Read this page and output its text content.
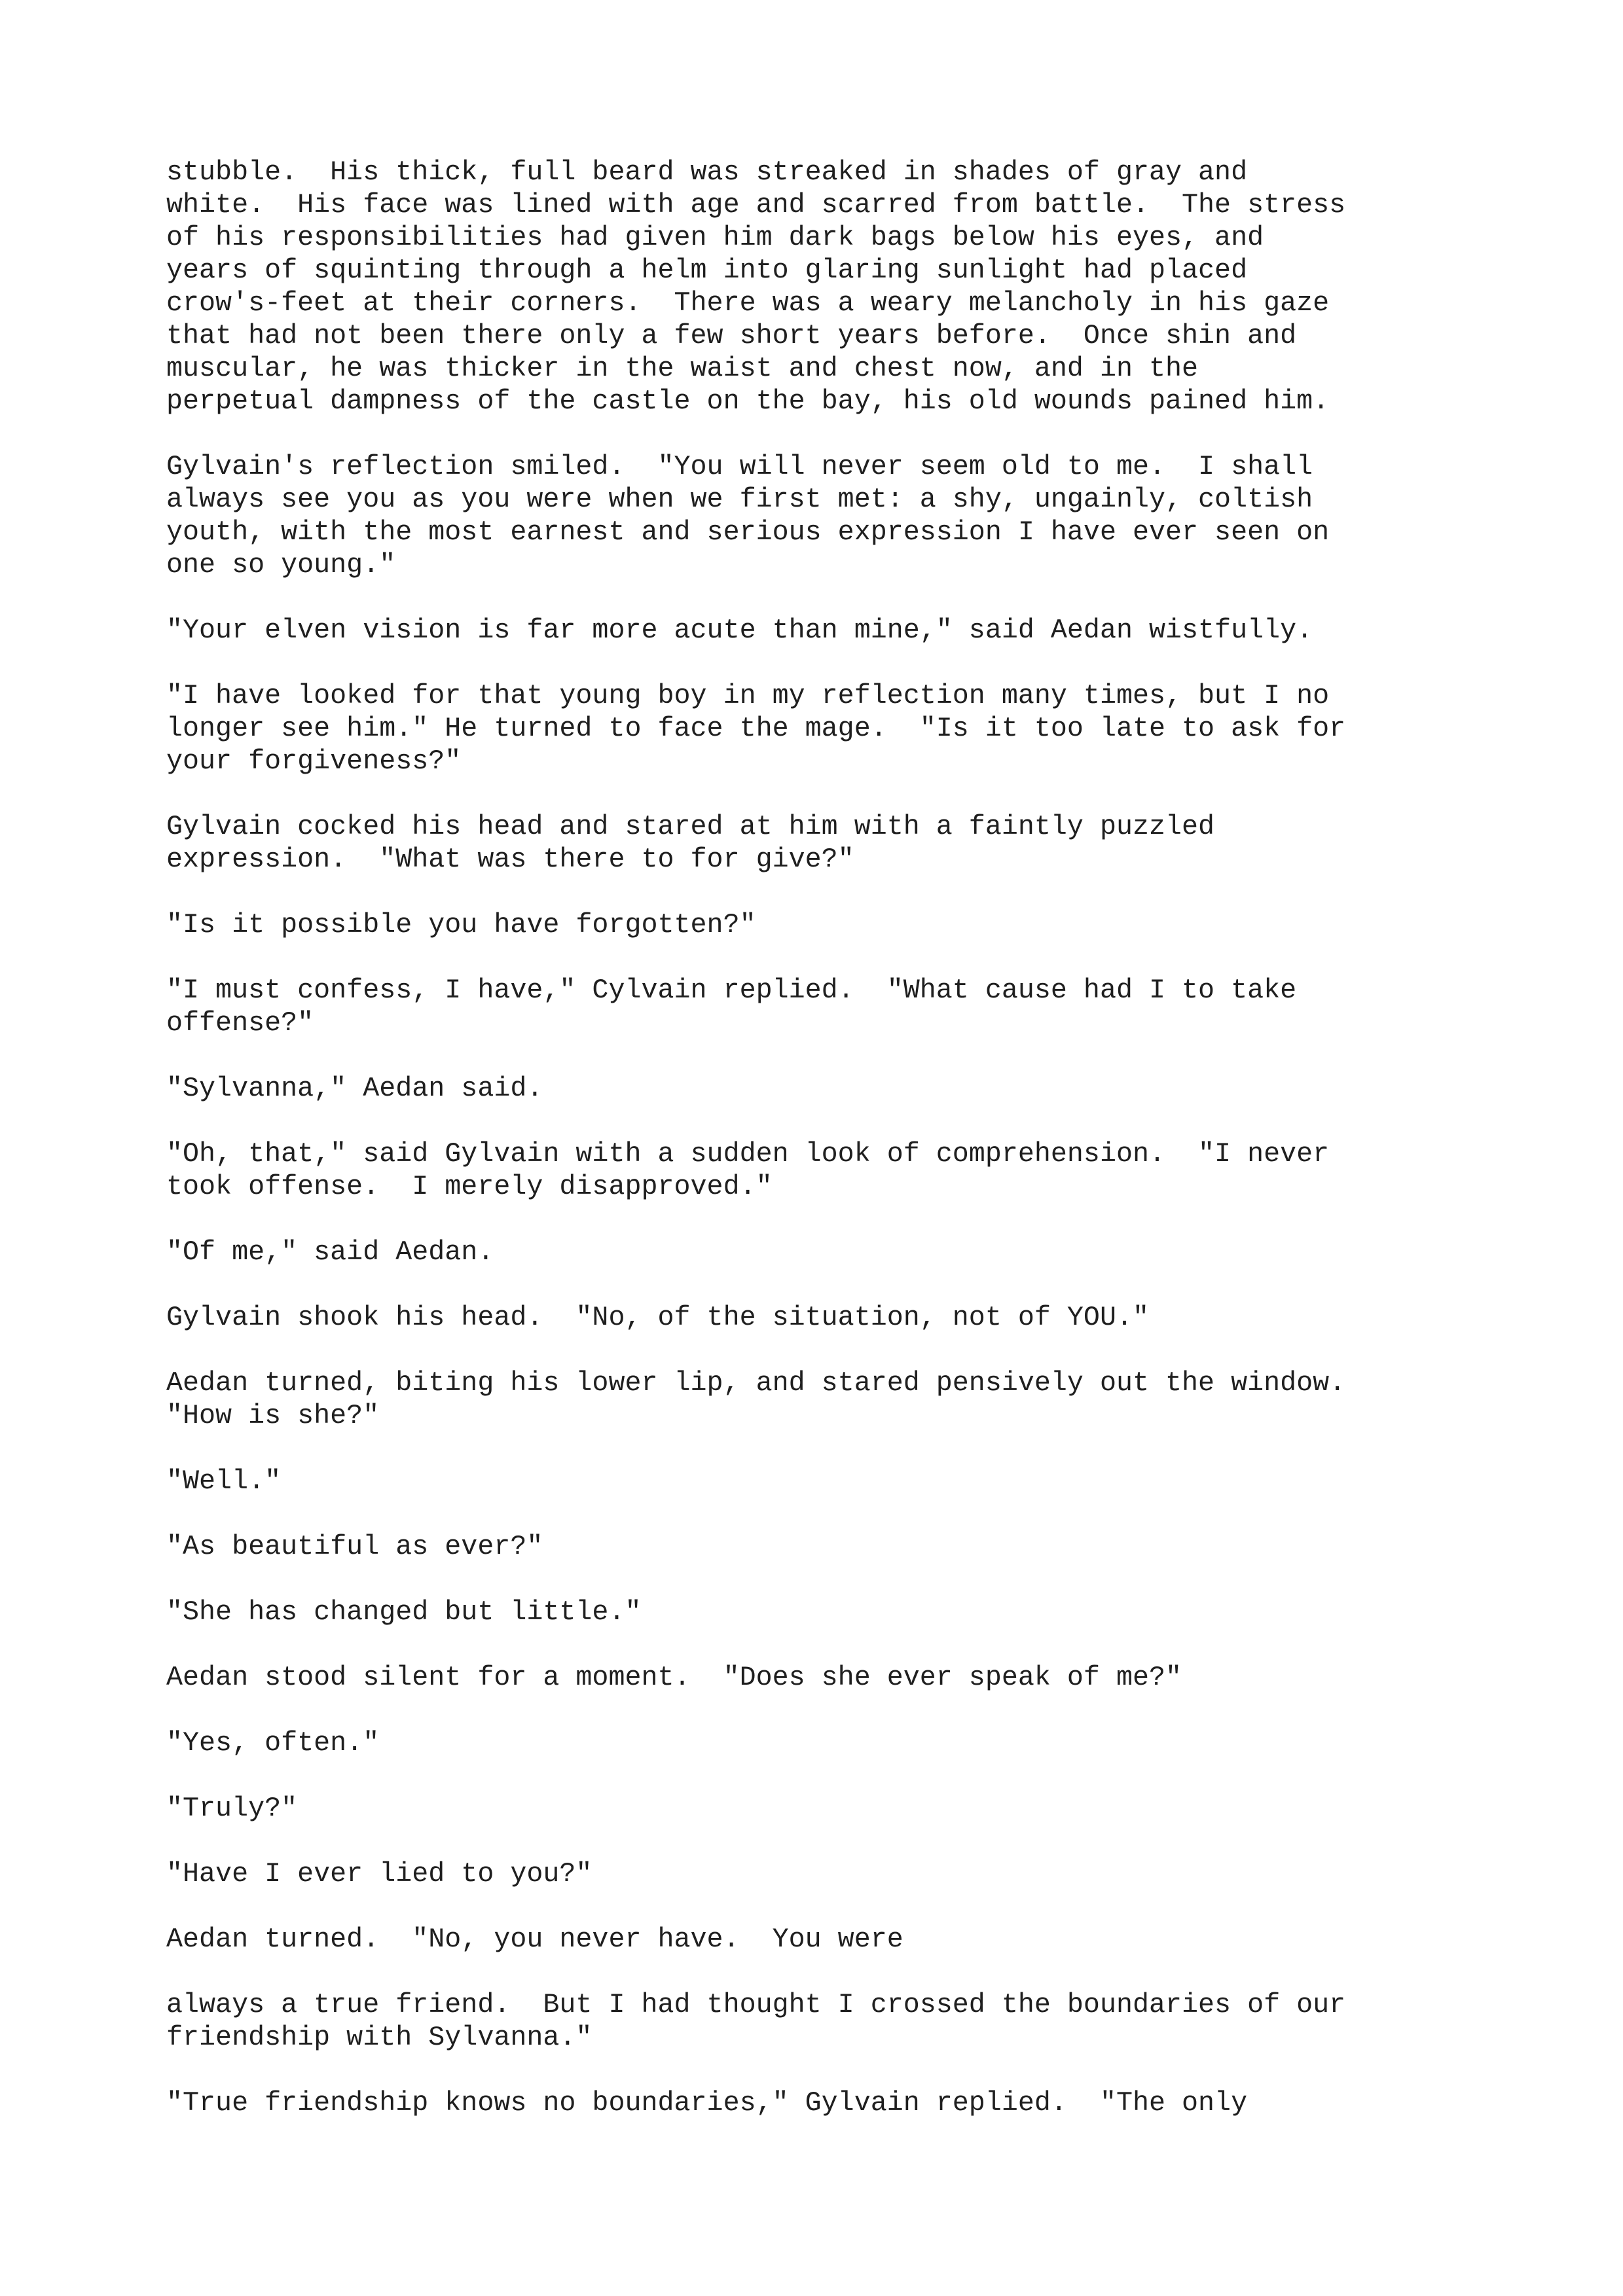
stubble.  His thick, full beard was streaked in shades of gray and
white.  His face was lined with age and scarred from battle.  The stress
of his responsibilities had given him dark bags below his eyes, and
years of squinting through a helm into glaring sunlight had placed
crow's-feet at their corners.  There was a weary melancholy in his gaze
that had not been there only a few short years before.  Once shin and
muscular, he was thicker in the waist and chest now, and in the
perpetual dampness of the castle on the bay, his old wounds pained him.
Gylvain's reflection smiled.  "You will never seem old to me.  I shall
always see you as you were when we first met: a shy, ungainly, coltish
youth, with the most earnest and serious expression I have ever seen on
one so young."
"Your elven vision is far more acute than mine," said Aedan wistfully.
"I have looked for that young boy in my reflection many times, but I no
longer see him." He turned to face the mage.  "Is it too late to ask for
your forgiveness?"
Gylvain cocked his head and stared at him with a faintly puzzled
expression.  "What was there to for give?"
"Is it possible you have forgotten?"
"I must confess, I have," Cylvain replied.  "What cause had I to take
offense?"
"Sylvanna," Aedan said.
"Oh, that," said Gylvain with a sudden look of comprehension.  "I never
took offense.  I merely disapproved."
"Of me," said Aedan.
Gylvain shook his head.  "No, of the situation, not of YOU."
Aedan turned, biting his lower lip, and stared pensively out the window.
"How is she?"
"Well."
"As beautiful as ever?"
"She has changed but little."
Aedan stood silent for a moment.  "Does she ever speak of me?"
"Yes, often."
"Truly?"
"Have I ever lied to you?"
Aedan turned.  "No, you never have.  You were
always a true friend.  But I had thought I crossed the boundaries of our
friendship with Sylvanna."
"True friendship knows no boundaries," Gylvain replied.  "The only
